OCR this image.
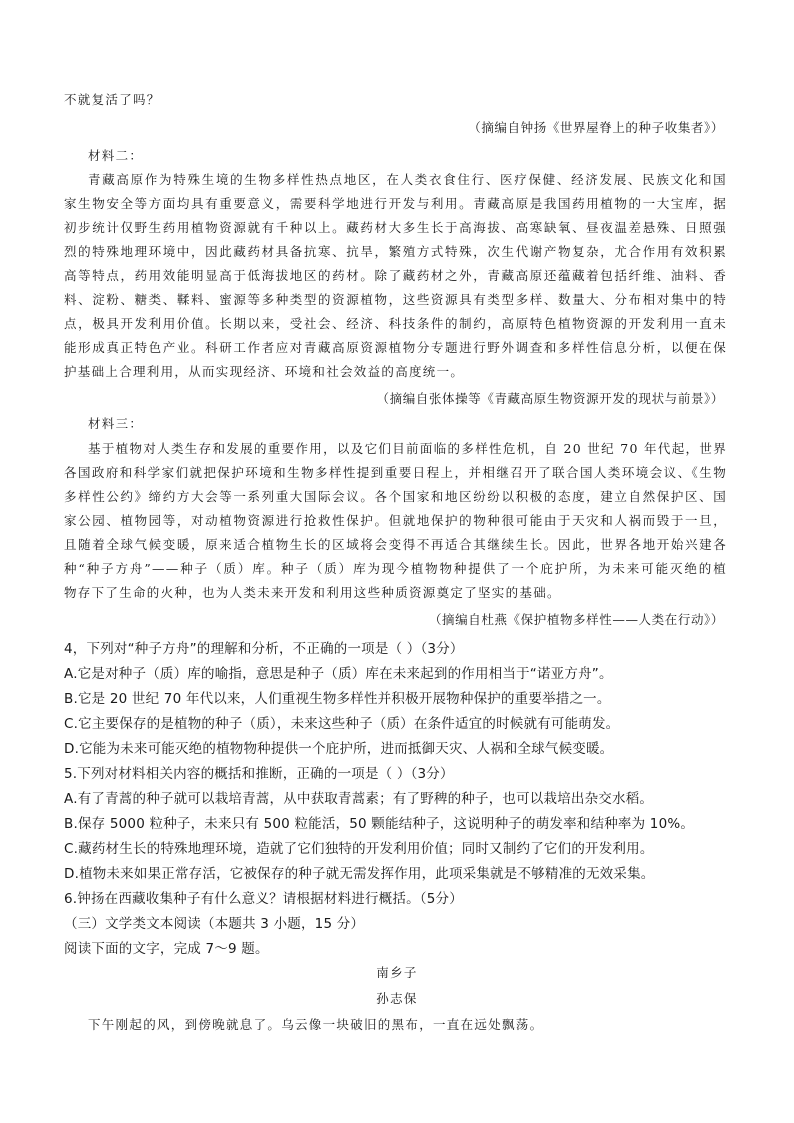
不就复活了吗？
（摘编自钟扬《世界屋脊上的种子收集者》）
材料二：
青藏高原作为特殊生境的生物多样性热点地区，在人类衣食住行、医疗保健、经济发展、民族文化和国
家生物安全等方面均具有重要意义，需要科学地进行开发与利用。青藏高原是我国药用植物的一大宝库，据
初步统计仅野生药用植物资源就有千种以上。藏药材大多生长于高海拔、高寒缺氧、昼夜温差悬殊、日照强
烈的特殊地理环境中，因此藏药材具备抗寒、抗旱，繁殖方式特殊，次生代谢产物复杂，尤合作用有效积累
高等特点，药用效能明显高于低海拔地区的药材。除了藏药材之外，青藏高原还蕴藏着包括纤维、油料、香
料、淀粉、糖类、鞣料、蜜源等多种类型的资源植物，这些资源具有类型多样、数量大、分布相对集中的特
点，极具开发利用价值。长期以来，受社会、经济、科技条件的制约，高原特色植物资源的开发利用一直未
能形成真正特色产业。科研工作者应对青藏高原资源植物分专题进行野外调查和多样性信息分析，以便在保
护基础上合理利用，从而实现经济、环境和社会效益的高度统一。
（摘编自张体操等《青藏高原生物资源开发的现状与前景》）
材料三：
基于植物对人类生存和发展的重要作用，以及它们目前面临的多样性危机，自 20 世纪 70 年代起，世界
各国政府和科学家们就把保护环境和生物多样性提到重要日程上，并相继召开了联合国人类环境会议、《生物
多样性公约》缔约方大会等一系列重大国际会议。各个国家和地区纷纷以积极的态度，建立自然保护区、国
家公园、植物园等，对动植物资源进行抢救性保护。但就地保护的物种很可能由于天灾和人祸而毁于一旦，
且随着全球气候变暖，原来适合植物生长的区域将会变得不再适合其继续生长。因此，世界各地开始兴建各
种“种子方舟”——种子（质）库。种子（质）库为现今植物物种提供了一个庇护所，为未来可能灭绝的植
物存下了生命的火种，也为人类未来开发和利用这些种质资源奠定了坚实的基础。
（摘编自杜燕《保护植物多样性——人类在行动》）
4，下列对“种子方舟”的理解和分析，不正确的一项是（ ）（3分）
A.它是对种子（质）库的喻指，意思是种子（质）库在未来起到的作用相当于“诺亚方舟”。
B.它是 20 世纪 70 年代以来，人们重视生物多样性并积极开展物种保护的重要举措之一。
C.它主要保存的是植物的种子（质），未来这些种子（质）在条件适宜的时候就有可能萌发。
D.它能为未来可能灭绝的植物物种提供一个庇护所，进而抵御天灾、人祸和全球气候变暖。
5.下列对材料相关内容的概括和推断，正确的一项是（ ）（3分）
A.有了青蒿的种子就可以栽培青蒿，从中获取青蒿素；有了野稗的种子，也可以栽培出杂交水稻。
B.保存 5000 粒种子，未来只有 500 粒能活，50 颗能结种子，这说明种子的萌发率和结种率为 10%。
C.藏药材生长的特殊地理环境，造就了它们独特的开发利用价值；同时又制约了它们的开发利用。
D.植物未来如果正常存活，它被保存的种子就无需发挥作用，此项采集就是不够精准的无效采集。
6.钟扬在西藏收集种子有什么意义？请根据材料进行概括。（5分）
（三）文学类文本阅读（本题共 3 小题，15 分）
阅读下面的文字，完成 7～9 题。
南乡子
孙志保
下午刚起的风，到傍晚就息了。乌云像一块破旧的黑布，一直在远处飘荡。
